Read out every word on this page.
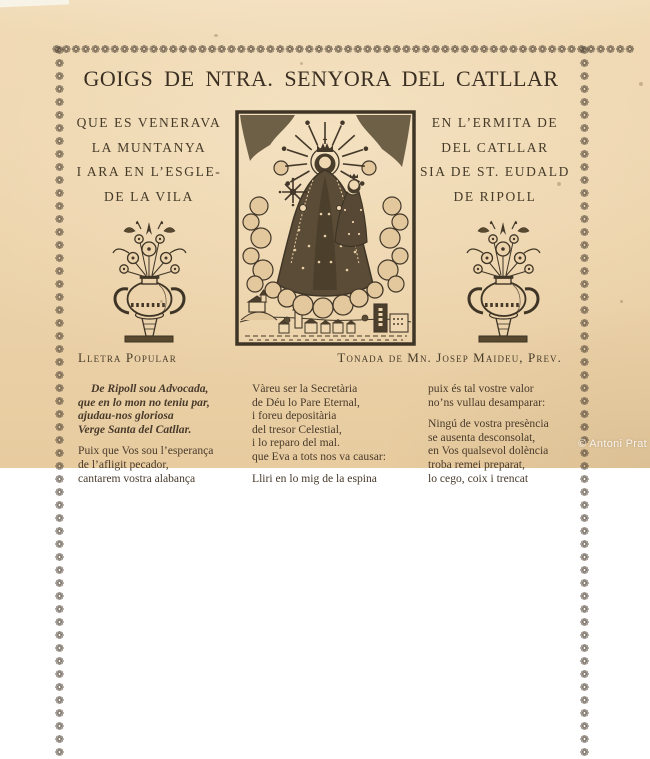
❁❁❁❁❁❁❁❁❁❁❁❁❁❁❁❁❁❁❁❁❁❁❁❁❁❁❁❁❁❁❁❁❁❁❁❁❁❁❁❁❁❁❁❁❁❁❁❁❁❁❁❁❁❁❁❁❁❁❁❁
❁❁❁❁❁❁❁❁❁❁❁❁❁❁❁❁❁❁❁❁❁❁❁❁❁❁❁❁❁❁❁❁❁❁❁❁❁❁❁❁❁❁❁❁❁❁❁❁❁❁❁❁❁❁❁	❁❁❁❁❁❁❁❁❁❁❁❁❁❁❁❁❁❁❁❁❁❁❁❁❁❁❁❁❁❁❁❁❁❁❁❁❁❁❁❁❁❁❁❁❁❁❁❁❁❁❁❁❁❁❁
GOIGS DE NTRA. SENYORA DEL CATLLAR
QUE ES VENERAVA
LA MUNTANYA
I ARA EN L’ESGLE-
DE LA VILA
EN L’ERMITA DE
DEL CATLLAR
SIA DE ST. EUDALD
DE RIPOLL
Lletra Popular	Tonada de Mn. Josep Maideu, Prev.
De Ripoll sou Advocada,
que en lo mon no teniu par,
ajudau-nos gloriosa
Verge Santa del Catllar.
Puix que Vos sou l’esperança
de l’afligit pecador,
cantarem vostra alabança
Vàreu ser la Secretària
de Déu lo Pare Eternal,
i foreu depositària
del tresor Celestial,
i lo reparo del mal.
que Eva a tots nos va causar:
Lliri en lo mig de la espina
puix és tal vostre valor
no’ns vullau desamparar:
Ningú de vostra presència
se ausenta desconsolat,
en Vos qualsevol dolència
troba remei preparat,
lo cego, coix i trencat
© Antoni Prat
